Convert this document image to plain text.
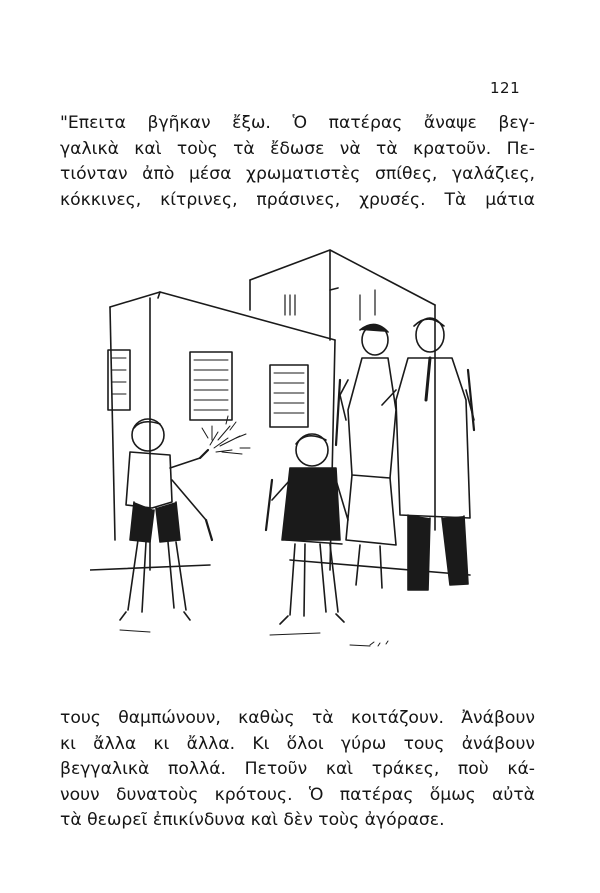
121
"Επειτα βγῆκαν ἔξω. Ὁ πατέρας ἄναψε βεγ-
γαλικὰ καὶ τοὺς τὰ ἔδωσε νὰ τὰ κρατοῦν. Πε-
τιόνταν ἀπὸ μέσα χρωματιστὲς σπίθες, γαλάζιες,
κόκκινες, κίτρινες, πράσινες, χρυσές. Τὰ μάτια
τους θαμπώνουν, καθὼς τὰ κοιτάζουν. Ἀνάβουν
κι ἄλλα κι ἄλλα. Κι ὅλοι γύρω τους ἀνάβουν
βεγγαλικὰ πολλά. Πετοῦν καὶ τράκες, ποὺ κά-
νουν δυνατοὺς κρότους. Ὁ πατέρας ὅμως αὐτὰ
τὰ θεωρεῖ ἐπικίνδυνα καὶ δὲν τοὺς ἀγόρασε.
